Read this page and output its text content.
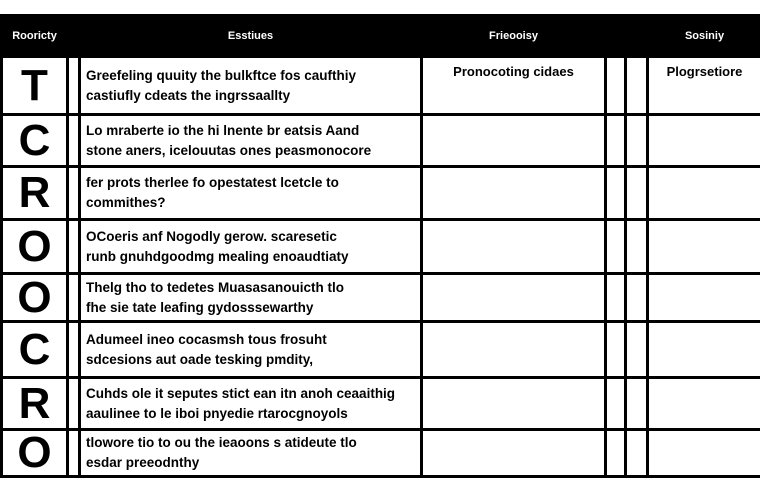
Rooricty		Esstiues	Frieooisy			Sosiniy
T		Greefeling quuity the bulkftce fos caufthiy
castiufly cdeats the ingrssaallty	Pronocoting cidaes			Plogrsetiore
C		Lo mraberte io the hi lnente br eatsis Aand
stone aners, icelouutas ones peasmonocore				
R		fer prots therlee fo opestatest lcetcle to
commithes?				
O		OCoeris anf Nogodly gerow. scaresetic
runb gnuhdgoodmg mealing enoaudtiaty				
O		Thelg tho to tedetes Muasasanouicth tlo
fhe sie tate leafing gydosssewarthy				
C		Adumeel ineo cocasmsh tous frosuht
sdcesions aut oade tesking pmdity,				
R		Cuhds ole it seputes stict ean itn anoh ceaaithig
aaulinee to le iboi pnyedie rtarocgnoyols				
O		tlowore tio to ou the ieaoons s atideute tlo
esdar preeodnthy				
